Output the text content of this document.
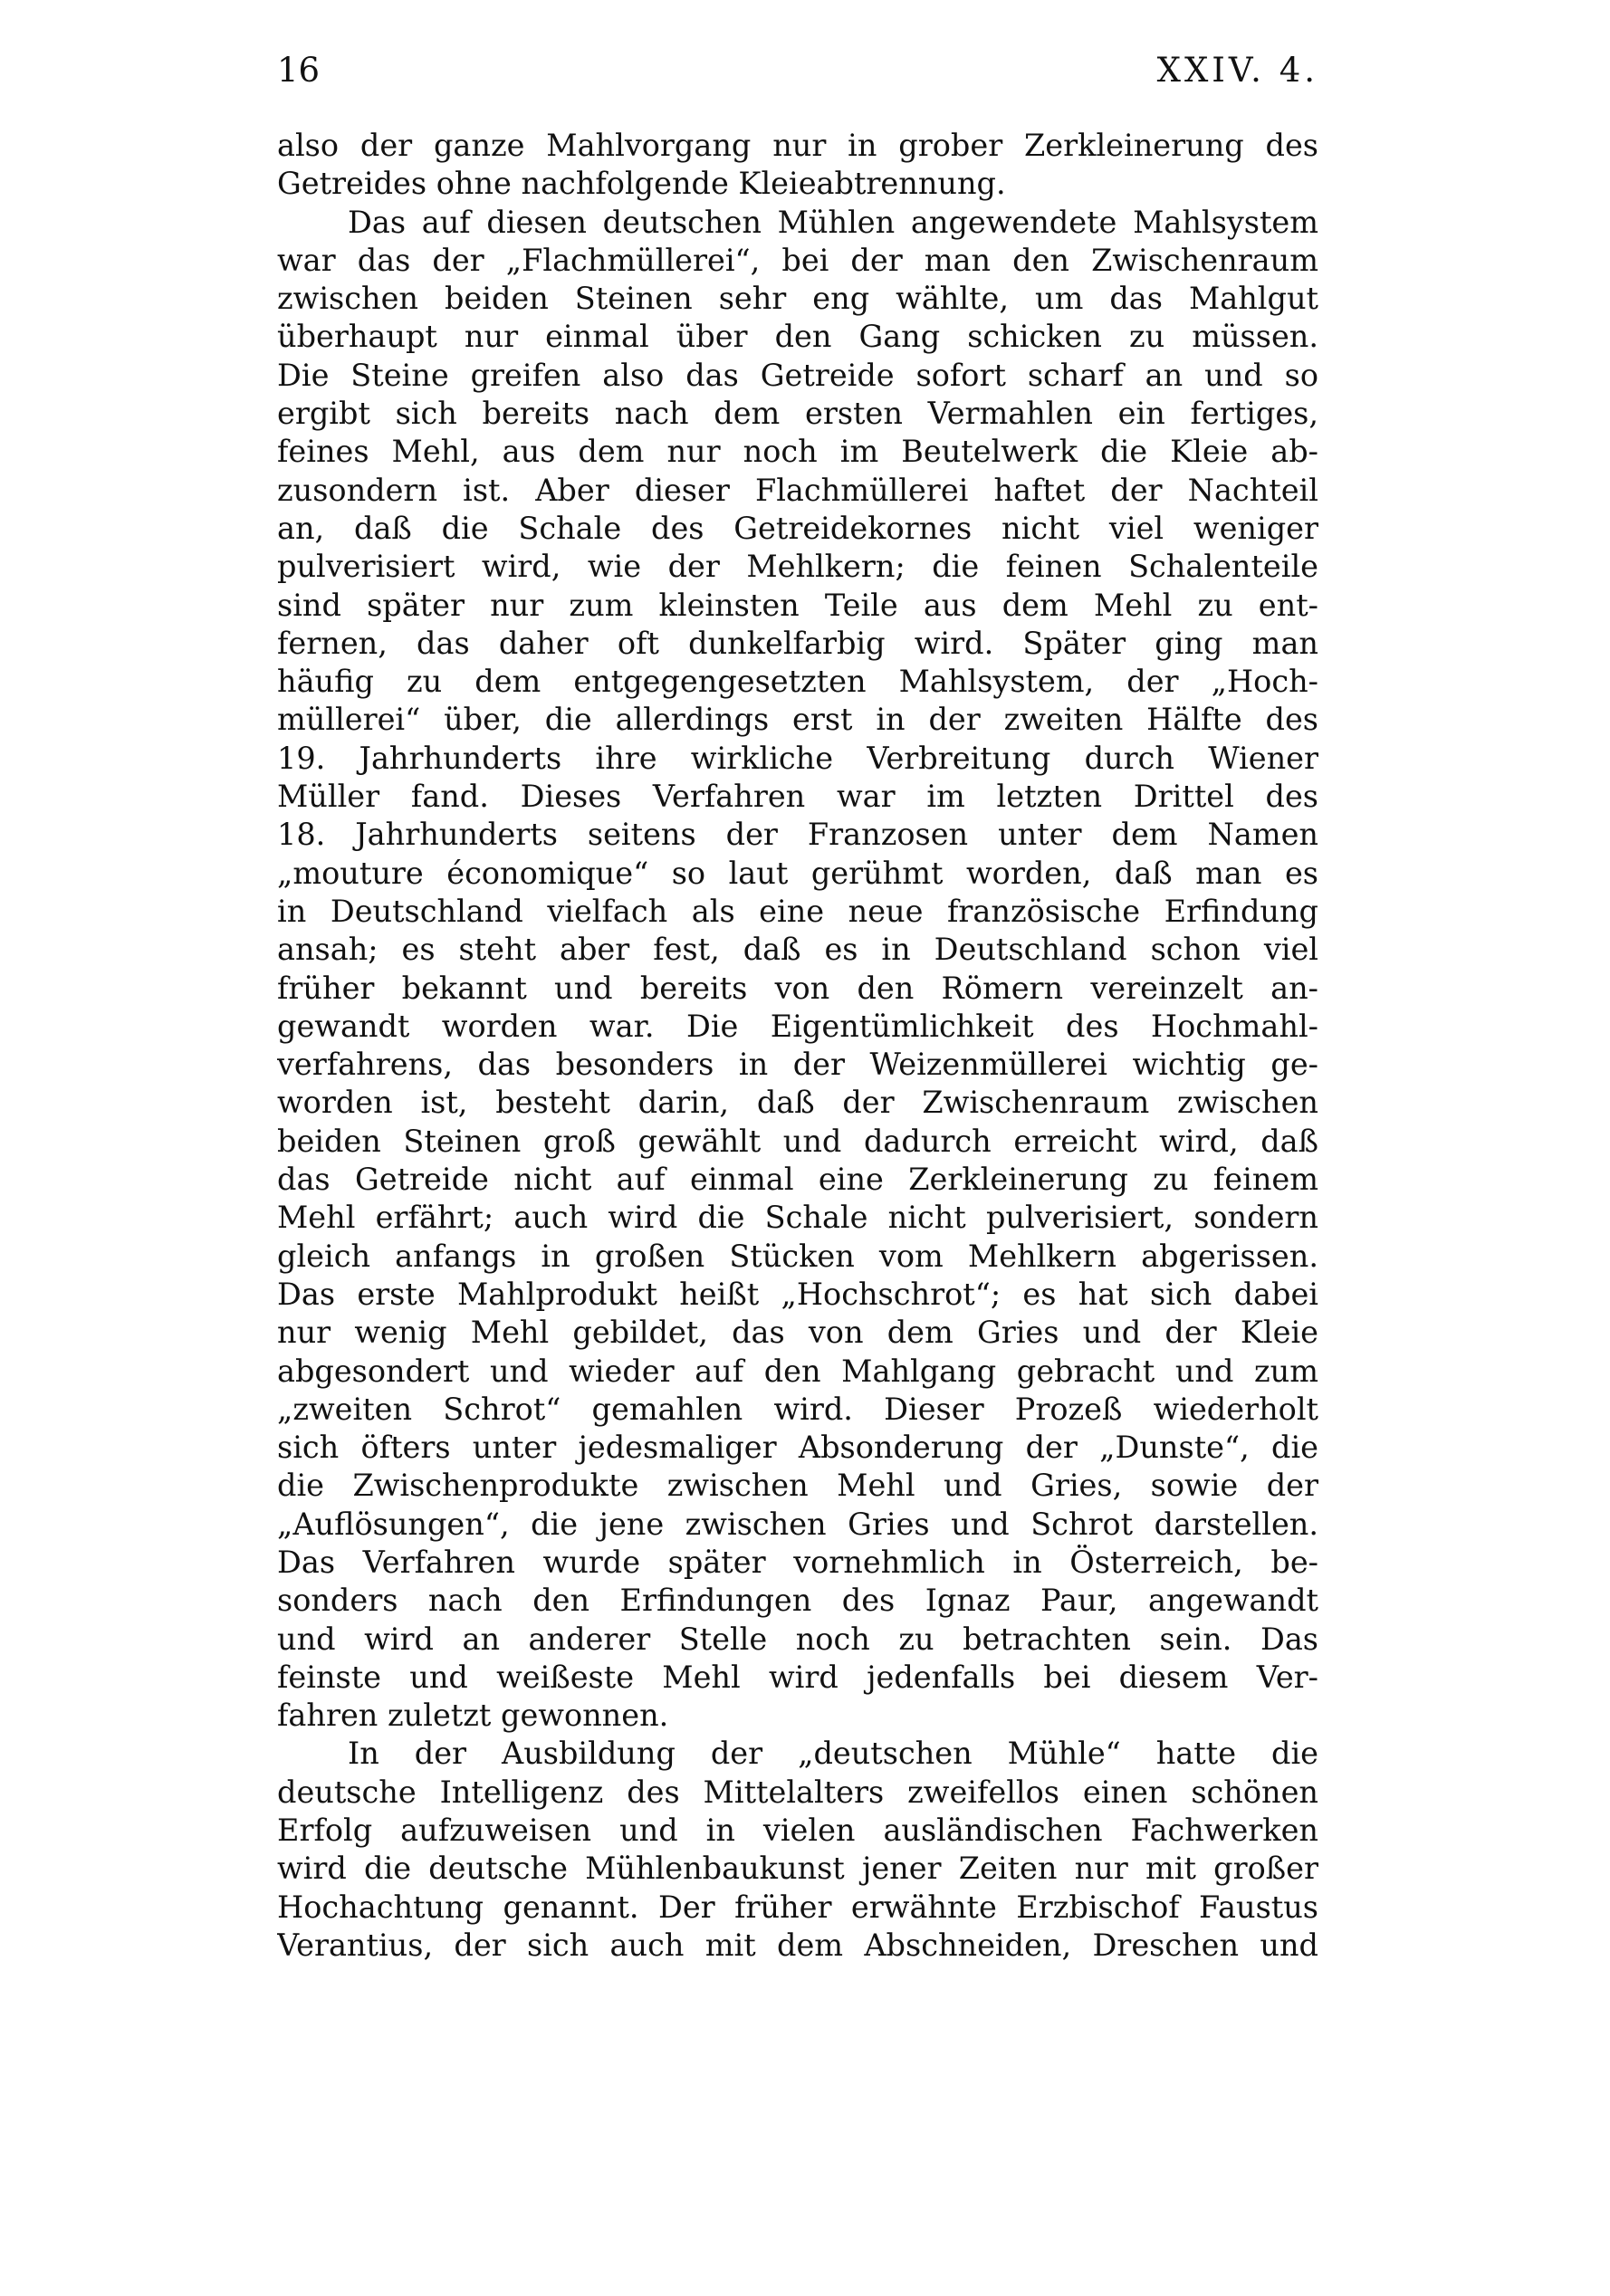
16	XXIV. 4.
also der ganze Mahlvorgang nur in grober Zerkleinerung des
Getreides ohne nachfolgende Kleieabtrennung.
Das auf diesen deutschen Mühlen angewendete Mahlsystem
war das der „Flachmüllerei“, bei der man den Zwischenraum
zwischen beiden Steinen sehr eng wählte, um das Mahlgut
überhaupt nur einmal über den Gang schicken zu müssen.
Die Steine greifen also das Getreide sofort scharf an und so
ergibt sich bereits nach dem ersten Vermahlen ein fertiges,
feines Mehl, aus dem nur noch im Beutelwerk die Kleie ab-
zusondern ist. Aber dieser Flachmüllerei haftet der Nachteil
an, daß die Schale des Getreidekornes nicht viel weniger
pulverisiert wird, wie der Mehlkern; die feinen Schalenteile
sind später nur zum kleinsten Teile aus dem Mehl zu ent-
fernen, das daher oft dunkelfarbig wird. Später ging man
häufig zu dem entgegengesetzten Mahlsystem, der „Hoch-
müllerei“ über, die allerdings erst in der zweiten Hälfte des
19. Jahrhunderts ihre wirkliche Verbreitung durch Wiener
Müller fand. Dieses Verfahren war im letzten Drittel des
18. Jahrhunderts seitens der Franzosen unter dem Namen
„mouture économique“ so laut gerühmt worden, daß man es
in Deutschland vielfach als eine neue französische Erfindung
ansah; es steht aber fest, daß es in Deutschland schon viel
früher bekannt und bereits von den Römern vereinzelt an-
gewandt worden war. Die Eigentümlichkeit des Hochmahl-
verfahrens, das besonders in der Weizenmüllerei wichtig ge-
worden ist, besteht darin, daß der Zwischenraum zwischen
beiden Steinen groß gewählt und dadurch erreicht wird, daß
das Getreide nicht auf einmal eine Zerkleinerung zu feinem
Mehl erfährt; auch wird die Schale nicht pulverisiert, sondern
gleich anfangs in großen Stücken vom Mehlkern abgerissen.
Das erste Mahlprodukt heißt „Hochschrot“; es hat sich dabei
nur wenig Mehl gebildet, das von dem Gries und der Kleie
abgesondert und wieder auf den Mahlgang gebracht und zum
„zweiten Schrot“ gemahlen wird. Dieser Prozeß wiederholt
sich öfters unter jedesmaliger Absonderung der „Dunste“, die
die Zwischenprodukte zwischen Mehl und Gries, sowie der
„Auflösungen“, die jene zwischen Gries und Schrot darstellen.
Das Verfahren wurde später vornehmlich in Österreich, be-
sonders nach den Erfindungen des Ignaz Paur, angewandt
und wird an anderer Stelle noch zu betrachten sein. Das
feinste und weißeste Mehl wird jedenfalls bei diesem Ver-
fahren zuletzt gewonnen.
In der Ausbildung der „deutschen Mühle“ hatte die
deutsche Intelligenz des Mittelalters zweifellos einen schönen
Erfolg aufzuweisen und in vielen ausländischen Fachwerken
wird die deutsche Mühlenbaukunst jener Zeiten nur mit großer
Hochachtung genannt. Der früher erwähnte Erzbischof Faustus
Verantius, der sich auch mit dem Abschneiden, Dreschen und
